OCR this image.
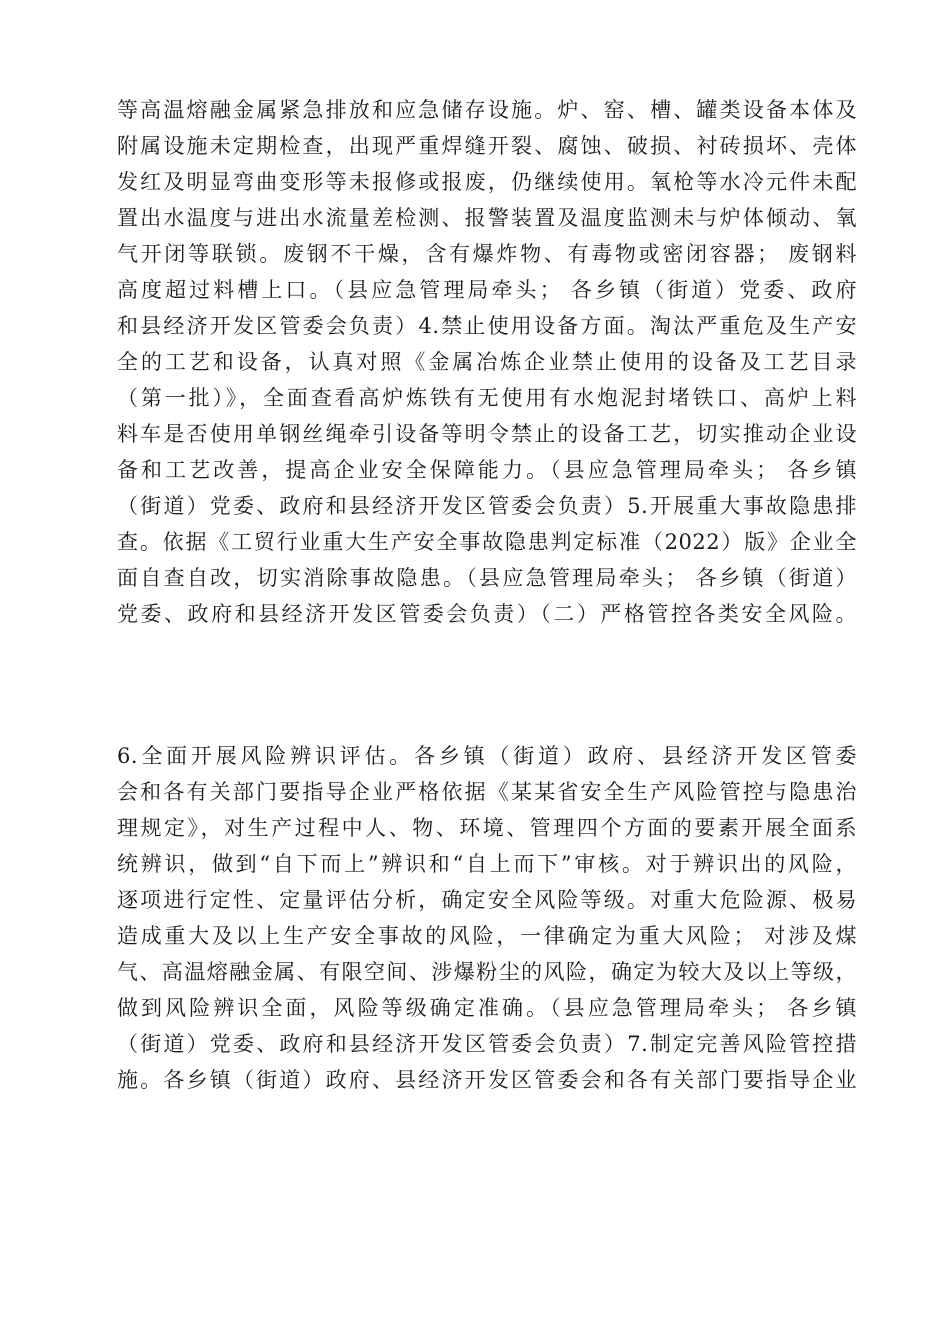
等高温熔融金属紧急排放和应急储存设施。炉、窑、槽、罐类设备本体及
附属设施未定期检查，出现严重焊缝开裂、腐蚀、破损、衬砖损坏、壳体
发红及明显弯曲变形等未报修或报废，仍继续使用。氧枪等水冷元件未配
置出水温度与进出水流量差检测、报警装置及温度监测未与炉体倾动、氧
气开闭等联锁。废钢不干燥，含有爆炸物、有毒物或密闭容器； 废钢料
高度超过料槽上口。（县应急管理局牵头； 各乡镇（街道）党委、政府
和县经济开发区管委会负责）4.禁止使用设备方面。淘汰严重危及生产安
全的工艺和设备，认真对照《金属冶炼企业禁止使用的设备及工艺目录
（第一批）》，全面查看高炉炼铁有无使用有水炮泥封堵铁口、高炉上料
料车是否使用单钢丝绳牵引设备等明令禁止的设备工艺，切实推动企业设
备和工艺改善，提高企业安全保障能力。（县应急管理局牵头； 各乡镇
（街道）党委、政府和县经济开发区管委会负责）5.开展重大事故隐患排
查。依据《工贸行业重大生产安全事故隐患判定标准（2022）版》企业全
面自查自改，切实消除事故隐患。（县应急管理局牵头； 各乡镇（街道）
党委、政府和县经济开发区管委会负责）（二）严格管控各类安全风险。
6.全面开展风险辨识评估。各乡镇（街道）政府、县经济开发区管委
会和各有关部门要指导企业严格依据《某某省安全生产风险管控与隐患治
理规定》，对生产过程中人、物、环境、管理四个方面的要素开展全面系
统辨识，做到“自下而上”辨识和“自上而下”审核。对于辨识出的风险，
逐项进行定性、定量评估分析，确定安全风险等级。对重大危险源、极易
造成重大及以上生产安全事故的风险，一律确定为重大风险； 对涉及煤
气、高温熔融金属、有限空间、涉爆粉尘的风险，确定为较大及以上等级，
做到风险辨识全面，风险等级确定准确。（县应急管理局牵头； 各乡镇
（街道）党委、政府和县经济开发区管委会负责）7.制定完善风险管控措
施。各乡镇（街道）政府、县经济开发区管委会和各有关部门要指导企业
